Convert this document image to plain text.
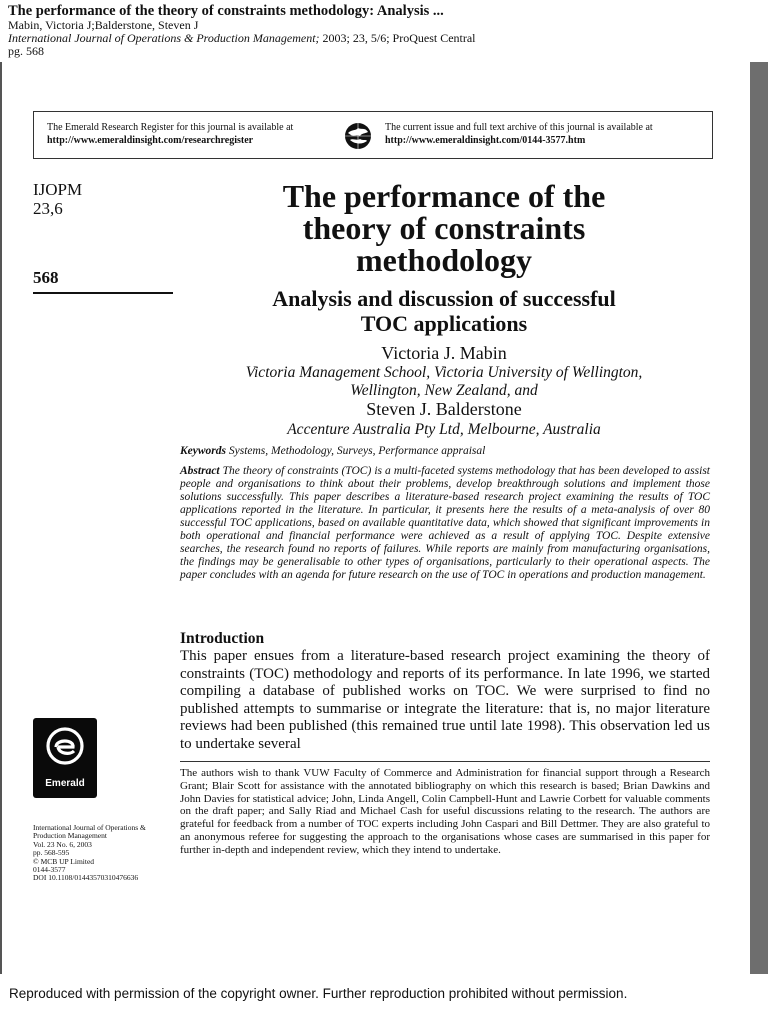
The performance of the theory of constraints methodology: Analysis ...
Mabin, Victoria J;Balderstone, Steven J
International Journal of Operations & Production Management; 2003; 23, 5/6; ProQuest Central
pg. 568
The Emerald Research Register for this journal is available at
http://www.emeraldinsight.com/researchregister
The current issue and full text archive of this journal is available at
http://www.emeraldinsight.com/0144-3577.htm
IJOPM
23,6
568
The performance of the
theory of constraints
methodology
Analysis and discussion of successful
TOC applications
Victoria J. Mabin
Victoria Management School, Victoria University of Wellington,
Wellington, New Zealand, and
Steven J. Balderstone
Accenture Australia Pty Ltd, Melbourne, Australia
Keywords Systems, Methodology, Surveys, Performance appraisal
Abstract The theory of constraints (TOC) is a multi-faceted systems methodology that has been developed to assist people and organisations to think about their problems, develop breakthrough solutions and implement those solutions successfully. This paper describes a literature-based research project examining the results of TOC applications reported in the literature. In particular, it presents here the results of a meta-analysis of over 80 successful TOC applications, based on available quantitative data, which showed that significant improvements in both operational and financial performance were achieved as a result of applying TOC. Despite extensive searches, the research found no reports of failures. While reports are mainly from manufacturing organisations, the findings may be generalisable to other types of organisations, particularly to their operational aspects. The paper concludes with an agenda for future research on the use of TOC in operations and production management.
Introduction
This paper ensues from a literature-based research project examining the theory of constraints (TOC) methodology and reports of its performance. In late 1996, we started compiling a database of published works on TOC. We were surprised to find no published attempts to summarise or integrate the literature: that is, no major literature reviews had been published (this remained true until late 1998). This observation led us to undertake several
The authors wish to thank VUW Faculty of Commerce and Administration for financial support through a Research Grant; Blair Scott for assistance with the annotated bibliography on which this research is based; Brian Dawkins and John Davies for statistical advice; John, Linda Angell, Colin Campbell-Hunt and Lawrie Corbett for valuable comments on the draft paper; and Sally Riad and Michael Cash for useful discussions relating to the research. The authors are grateful for feedback from a number of TOC experts including John Caspari and Bill Dettmer. They are also grateful to an anonymous referee for suggesting the approach to the organisations whose cases are summarised in this paper for further in-depth and independent review, which they intend to undertake.
Emerald
International Journal of Operations &
Production Management
Vol. 23 No. 6, 2003
pp. 568-595
© MCB UP Limited
0144-3577
DOI 10.1108/01443570310476636
Reproduced with permission of the copyright owner. Further reproduction prohibited without permission.
